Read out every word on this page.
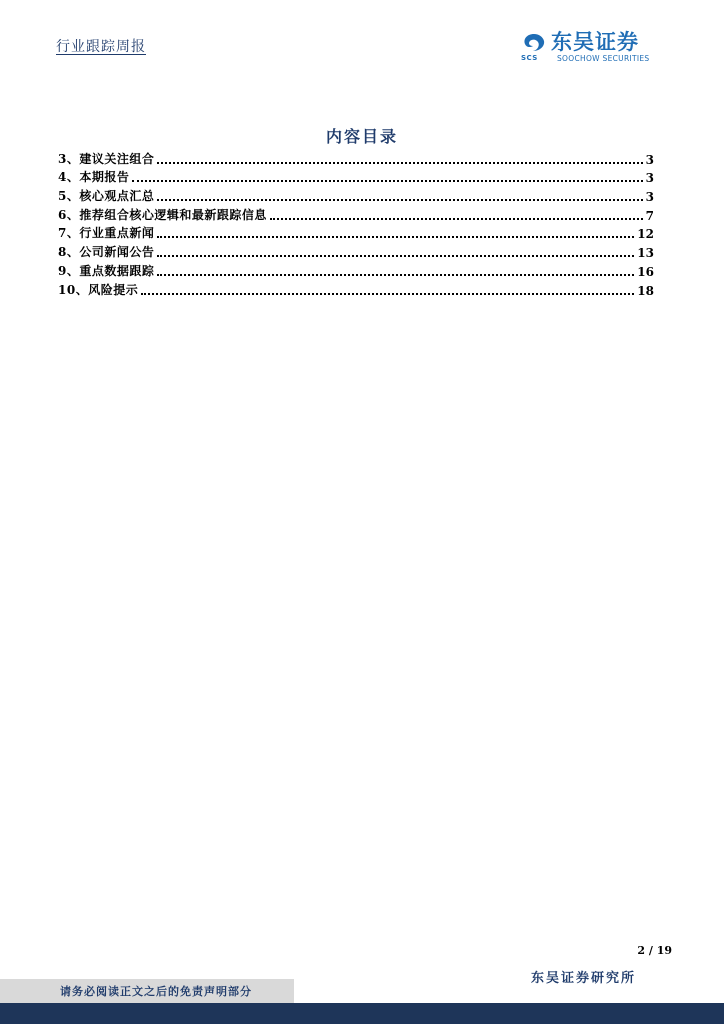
行业跟踪周报
SCS
东吴证券
SOOCHOW SECURITIES
内容目录
3、建议关注组合	3
4、本期报告	3
5、核心观点汇总	3
6、推荐组合核心逻辑和最新跟踪信息	7
7、行业重点新闻	12
8、公司新闻公告	13
9、重点数据跟踪	16
10、风险提示	18
2 / 19
东吴证券研究所
请务必阅读正文之后的免责声明部分
